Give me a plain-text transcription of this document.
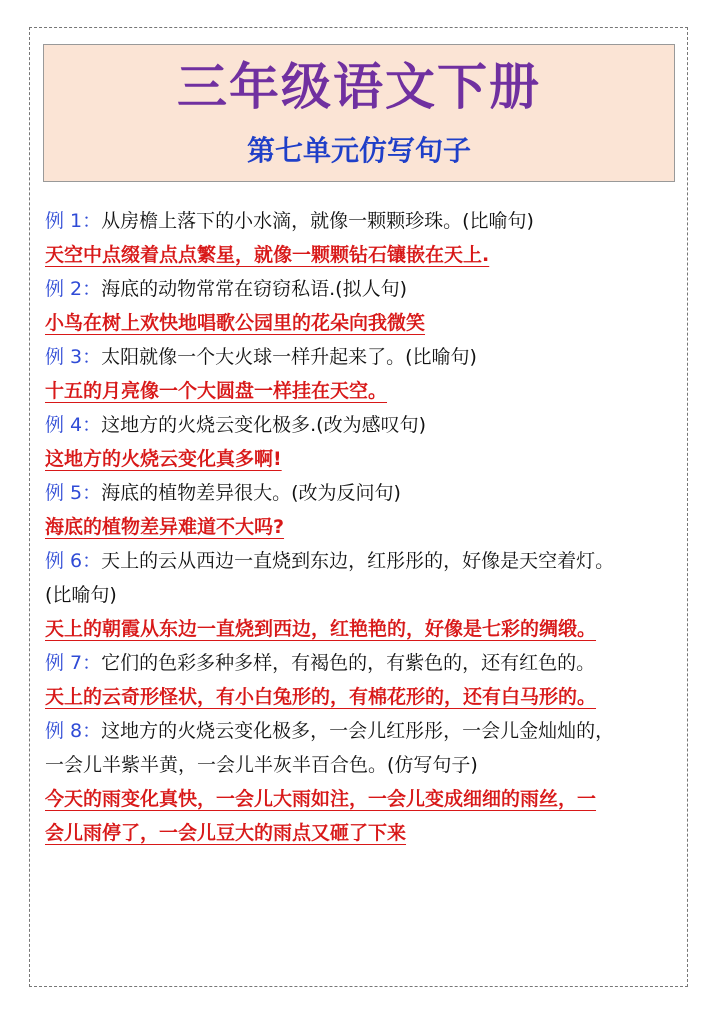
三年级语文下册
第七单元仿写句子
例 1：从房檐上落下的小水滴，就像一颗颗珍珠。(比喻句)
天空中点缀着点点繁星，就像一颗颗钻石镶嵌在天上.
例 2：海底的动物常常在窃窃私语.(拟人句)
小鸟在树上欢快地唱歌公园里的花朵向我微笑
例 3：太阳就像一个大火球一样升起来了。(比喻句)
十五的月亮像一个大圆盘一样挂在天空。
例 4：这地方的火烧云变化极多.(改为感叹句)
这地方的火烧云变化真多啊!
例 5：海底的植物差异很大。(改为反问句)
海底的植物差异难道不大吗?
例 6：天上的云从西边一直烧到东边，红彤彤的，好像是天空着灯。
(比喻句)
天上的朝霞从东边一直烧到西边，红艳艳的，好像是七彩的绸缎。
例 7：它们的色彩多种多样，有褐色的，有紫色的，还有红色的。
天上的云奇形怪状，有小白兔形的，有棉花形的，还有白马形的。
例 8：这地方的火烧云变化极多，一会儿红彤彤，一会儿金灿灿的，
一会儿半紫半黄，一会儿半灰半百合色。(仿写句子)
今天的雨变化真快，一会儿大雨如注，一会儿变成细细的雨丝，一
会儿雨停了，一会儿豆大的雨点又砸了下来
